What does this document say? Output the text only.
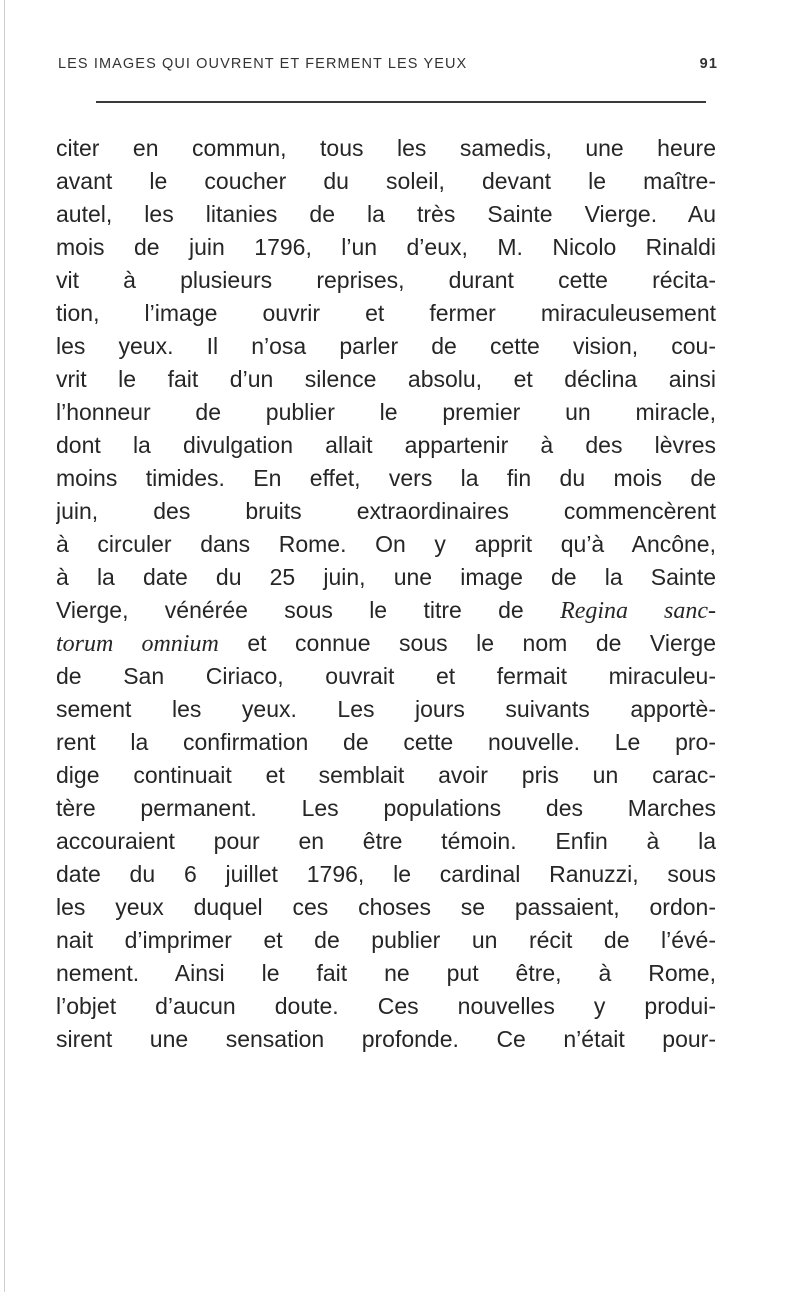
LES IMAGES QUI OUVRENT ET FERMENT LES YEUX	91
citer en commun, tous les samedis, une heure
avant le coucher du soleil, devant le maître-
autel, les litanies de la très Sainte Vierge. Au
mois de juin 1796, l’un d’eux, M. Nicolo Rinaldi
vit à plusieurs reprises, durant cette récita-
tion, l’image ouvrir et fermer miraculeusement
les yeux. Il n’osa parler de cette vision, cou-
vrit le fait d’un silence absolu, et déclina ainsi
l’honneur de publier le premier un miracle,
dont la divulgation allait appartenir à des lèvres
moins timides. En effet, vers la fin du mois de
juin, des bruits extraordinaires commencèrent
à circuler dans Rome. On y apprit qu’à Ancône,
à la date du 25 juin, une image de la Sainte
Vierge, vénérée sous le titre de Regina sanc-
torum omnium et connue sous le nom de Vierge
de San Ciriaco, ouvrait et fermait miraculeu-
sement les yeux. Les jours suivants apportè-
rent la confirmation de cette nouvelle. Le pro-
dige continuait et semblait avoir pris un carac-
tère permanent. Les populations des Marches
accouraient pour en être témoin. Enfin à la
date du 6 juillet 1796, le cardinal Ranuzzi, sous
les yeux duquel ces choses se passaient, ordon-
nait d’imprimer et de publier un récit de l’évé-
nement. Ainsi le fait ne put être, à Rome,
l’objet d’aucun doute. Ces nouvelles y produi-
sirent une sensation profonde. Ce n’était pour-
